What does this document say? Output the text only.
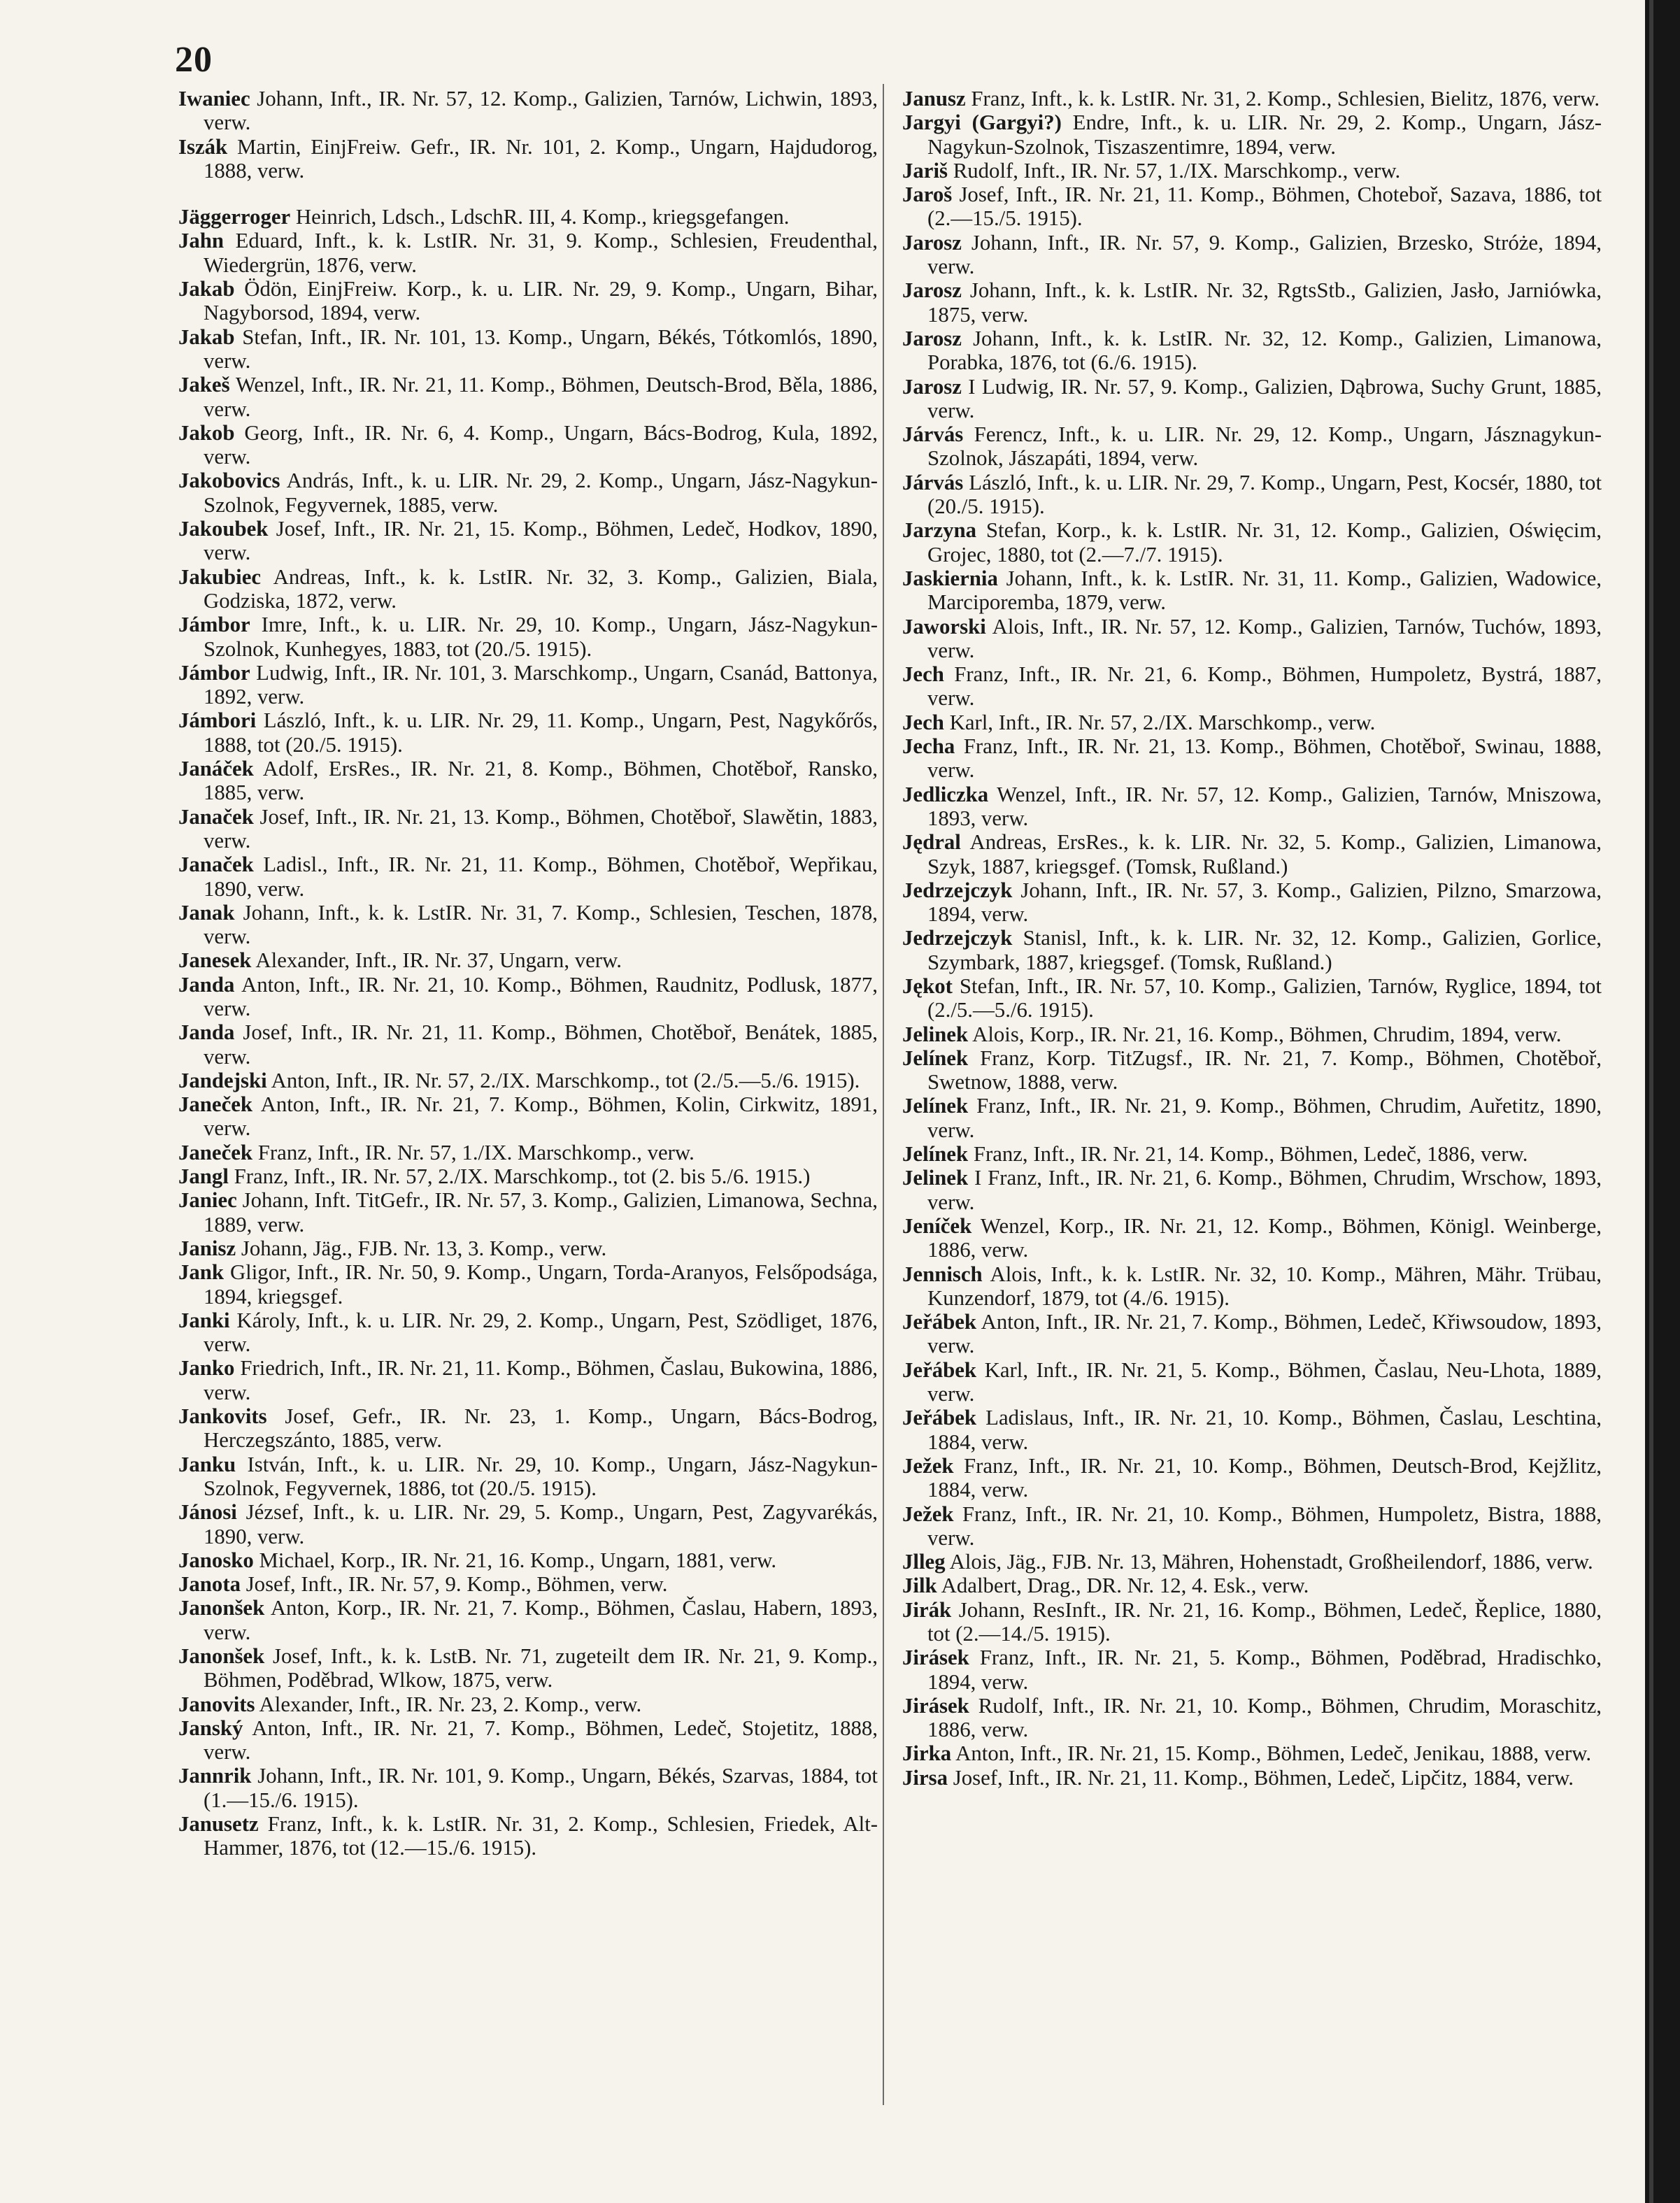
20
Iwaniec Johann, Inft., IR. Nr. 57, 12. Komp., Galizien, Tarnów, Lichwin, 1893, verw.
Iszák Martin, EinjFreiw. Gefr., IR. Nr. 101, 2. Komp., Ungarn, Hajdudorog, 1888, verw.
Jäggerroger Heinrich, Ldsch., LdschR. III, 4. Komp., kriegsgefangen.
Jahn Eduard, Inft., k. k. LstIR. Nr. 31, 9. Komp., Schlesien, Freudenthal, Wiedergrün, 1876, verw.
Jakab Ödön, EinjFreiw. Korp., k. u. LIR. Nr. 29, 9. Komp., Ungarn, Bihar, Nagyborsod, 1894, verw.
Jakab Stefan, Inft., IR. Nr. 101, 13. Komp., Ungarn, Békés, Tótkomlós, 1890, verw.
Jakeš Wenzel, Inft., IR. Nr. 21, 11. Komp., Böhmen, Deutsch-Brod, Běla, 1886, verw.
Jakob Georg, Inft., IR. Nr. 6, 4. Komp., Ungarn, Bács-Bodrog, Kula, 1892, verw.
Jakobovics András, Inft., k. u. LIR. Nr. 29, 2. Komp., Ungarn, Jász-Nagykun-Szolnok, Fegyvernek, 1885, verw.
Jakoubek Josef, Inft., IR. Nr. 21, 15. Komp., Böhmen, Ledeč, Hodkov, 1890, verw.
Jakubiec Andreas, Inft., k. k. LstIR. Nr. 32, 3. Komp., Galizien, Biala, Godziska, 1872, verw.
Jámbor Imre, Inft., k. u. LIR. Nr. 29, 10. Komp., Ungarn, Jász-Nagykun-Szolnok, Kunhegyes, 1883, tot (20./5. 1915).
Jámbor Ludwig, Inft., IR. Nr. 101, 3. Marschkomp., Ungarn, Csanád, Battonya, 1892, verw.
Jámbori László, Inft., k. u. LIR. Nr. 29, 11. Komp., Ungarn, Pest, Nagykőrős, 1888, tot (20./5. 1915).
Janáček Adolf, ErsRes., IR. Nr. 21, 8. Komp., Böhmen, Chotěboř, Ransko, 1885, verw.
Janaček Josef, Inft., IR. Nr. 21, 13. Komp., Böhmen, Chotěboř, Slawětin, 1883, verw.
Janaček Ladisl., Inft., IR. Nr. 21, 11. Komp., Böhmen, Chotěboř, Wepřikau, 1890, verw.
Janak Johann, Inft., k. k. LstIR. Nr. 31, 7. Komp., Schlesien, Teschen, 1878, verw.
Janesek Alexander, Inft., IR. Nr. 37, Ungarn, verw.
Janda Anton, Inft., IR. Nr. 21, 10. Komp., Böhmen, Raudnitz, Podlusk, 1877, verw.
Janda Josef, Inft., IR. Nr. 21, 11. Komp., Böhmen, Chotěboř, Benátek, 1885, verw.
Jandejski Anton, Inft., IR. Nr. 57, 2./IX. Marschkomp., tot (2./5.—5./6. 1915).
Janeček Anton, Inft., IR. Nr. 21, 7. Komp., Böhmen, Kolin, Cirkwitz, 1891, verw.
Janeček Franz, Inft., IR. Nr. 57, 1./IX. Marschkomp., verw.
Jangl Franz, Inft., IR. Nr. 57, 2./IX. Marschkomp., tot (2. bis 5./6. 1915.)
Janiec Johann, Inft. TitGefr., IR. Nr. 57, 3. Komp., Galizien, Limanowa, Sechna, 1889, verw.
Janisz Johann, Jäg., FJB. Nr. 13, 3. Komp., verw.
Jank Gligor, Inft., IR. Nr. 50, 9. Komp., Ungarn, Torda-Aranyos, Felsőpodsága, 1894, kriegsgef.
Janki Károly, Inft., k. u. LIR. Nr. 29, 2. Komp., Ungarn, Pest, Szödliget, 1876, verw.
Janko Friedrich, Inft., IR. Nr. 21, 11. Komp., Böhmen, Časlau, Bukowina, 1886, verw.
Jankovits Josef, Gefr., IR. Nr. 23, 1. Komp., Ungarn, Bács-Bodrog, Herczegszánto, 1885, verw.
Janku István, Inft., k. u. LIR. Nr. 29, 10. Komp., Ungarn, Jász-Nagykun-Szolnok, Fegyvernek, 1886, tot (20./5. 1915).
Jánosi Jézsef, Inft., k. u. LIR. Nr. 29, 5. Komp., Ungarn, Pest, Zagyvarékás, 1890, verw.
Janosko Michael, Korp., IR. Nr. 21, 16. Komp., Ungarn, 1881, verw.
Janota Josef, Inft., IR. Nr. 57, 9. Komp., Böhmen, verw.
Janonšek Anton, Korp., IR. Nr. 21, 7. Komp., Böhmen, Časlau, Habern, 1893, verw.
Janonšek Josef, Inft., k. k. LstB. Nr. 71, zugeteilt dem IR. Nr. 21, 9. Komp., Böhmen, Poděbrad, Wlkow, 1875, verw.
Janovits Alexander, Inft., IR. Nr. 23, 2. Komp., verw.
Janský Anton, Inft., IR. Nr. 21, 7. Komp., Böhmen, Ledeč, Stojetitz, 1888, verw.
Jannrik Johann, Inft., IR. Nr. 101, 9. Komp., Ungarn, Békés, Szarvas, 1884, tot (1.—15./6. 1915).
Janusetz Franz, Inft., k. k. LstIR. Nr. 31, 2. Komp., Schlesien, Friedek, Alt-Hammer, 1876, tot (12.—15./6. 1915).
Janusz Franz, Inft., k. k. LstIR. Nr. 31, 2. Komp., Schlesien, Bielitz, 1876, verw.
Jargyi (Gargyi?) Endre, Inft., k. u. LIR. Nr. 29, 2. Komp., Ungarn, Jász-Nagykun-Szolnok, Tiszaszentimre, 1894, verw.
Jariš Rudolf, Inft., IR. Nr. 57, 1./IX. Marschkomp., verw.
Jaroš Josef, Inft., IR. Nr. 21, 11. Komp., Böhmen, Choteboř, Sazava, 1886, tot (2.—15./5. 1915).
Jarosz Johann, Inft., IR. Nr. 57, 9. Komp., Galizien, Brzesko, Stróże, 1894, verw.
Jarosz Johann, Inft., k. k. LstIR. Nr. 32, RgtsStb., Galizien, Jasło, Jarniówka, 1875, verw.
Jarosz Johann, Inft., k. k. LstIR. Nr. 32, 12. Komp., Galizien, Limanowa, Porabka, 1876, tot (6./6. 1915).
Jarosz I Ludwig, IR. Nr. 57, 9. Komp., Galizien, Dąbrowa, Suchy Grunt, 1885, verw.
Járvás Ferencz, Inft., k. u. LIR. Nr. 29, 12. Komp., Ungarn, Jásznagykun-Szolnok, Jászapáti, 1894, verw.
Járvás László, Inft., k. u. LIR. Nr. 29, 7. Komp., Ungarn, Pest, Kocsér, 1880, tot (20./5. 1915).
Jarzyna Stefan, Korp., k. k. LstIR. Nr. 31, 12. Komp., Galizien, Oświęcim, Grojec, 1880, tot (2.—7./7. 1915).
Jaskiernia Johann, Inft., k. k. LstIR. Nr. 31, 11. Komp., Galizien, Wadowice, Marciporemba, 1879, verw.
Jaworski Alois, Inft., IR. Nr. 57, 12. Komp., Galizien, Tarnów, Tuchów, 1893, verw.
Jech Franz, Inft., IR. Nr. 21, 6. Komp., Böhmen, Humpoletz, Bystrá, 1887, verw.
Jech Karl, Inft., IR. Nr. 57, 2./IX. Marschkomp., verw.
Jecha Franz, Inft., IR. Nr. 21, 13. Komp., Böhmen, Chotěboř, Swinau, 1888, verw.
Jedliczka Wenzel, Inft., IR. Nr. 57, 12. Komp., Galizien, Tarnów, Mniszowa, 1893, verw.
Jędral Andreas, ErsRes., k. k. LIR. Nr. 32, 5. Komp., Galizien, Limanowa, Szyk, 1887, kriegsgef. (Tomsk, Rußland.)
Jedrzejczyk Johann, Inft., IR. Nr. 57, 3. Komp., Galizien, Pilzno, Smarzowa, 1894, verw.
Jedrzejczyk Stanisl, Inft., k. k. LIR. Nr. 32, 12. Komp., Galizien, Gorlice, Szymbark, 1887, kriegsgef. (Tomsk, Rußland.)
Jękot Stefan, Inft., IR. Nr. 57, 10. Komp., Galizien, Tarnów, Ryglice, 1894, tot (2./5.—5./6. 1915).
Jelinek Alois, Korp., IR. Nr. 21, 16. Komp., Böhmen, Chrudim, 1894, verw.
Jelínek Franz, Korp. TitZugsf., IR. Nr. 21, 7. Komp., Böhmen, Chotěboř, Swetnow, 1888, verw.
Jelínek Franz, Inft., IR. Nr. 21, 9. Komp., Böhmen, Chrudim, Auřetitz, 1890, verw.
Jelínek Franz, Inft., IR. Nr. 21, 14. Komp., Böhmen, Ledeč, 1886, verw.
Jelinek I Franz, Inft., IR. Nr. 21, 6. Komp., Böhmen, Chrudim, Wrschow, 1893, verw.
Jeníček Wenzel, Korp., IR. Nr. 21, 12. Komp., Böhmen, Königl. Weinberge, 1886, verw.
Jennisch Alois, Inft., k. k. LstIR. Nr. 32, 10. Komp., Mähren, Mähr. Trübau, Kunzendorf, 1879, tot (4./6. 1915).
Jeřábek Anton, Inft., IR. Nr. 21, 7. Komp., Böhmen, Ledeč, Křiwsoudow, 1893, verw.
Jeřábek Karl, Inft., IR. Nr. 21, 5. Komp., Böhmen, Časlau, Neu-Lhota, 1889, verw.
Jeřábek Ladislaus, Inft., IR. Nr. 21, 10. Komp., Böhmen, Časlau, Leschtina, 1884, verw.
Ježek Franz, Inft., IR. Nr. 21, 10. Komp., Böhmen, Deutsch-Brod, Kejžlitz, 1884, verw.
Ježek Franz, Inft., IR. Nr. 21, 10. Komp., Böhmen, Humpoletz, Bistra, 1888, verw.
Jlleg Alois, Jäg., FJB. Nr. 13, Mähren, Hohenstadt, Großheilendorf, 1886, verw.
Jilk Adalbert, Drag., DR. Nr. 12, 4. Esk., verw.
Jirák Johann, ResInft., IR. Nr. 21, 16. Komp., Böhmen, Ledeč, Řeplice, 1880, tot (2.—14./5. 1915).
Jirásek Franz, Inft., IR. Nr. 21, 5. Komp., Böhmen, Poděbrad, Hradischko, 1894, verw.
Jirásek Rudolf, Inft., IR. Nr. 21, 10. Komp., Böhmen, Chrudim, Moraschitz, 1886, verw.
Jirka Anton, Inft., IR. Nr. 21, 15. Komp., Böhmen, Ledeč, Jenikau, 1888, verw.
Jirsa Josef, Inft., IR. Nr. 21, 11. Komp., Böhmen, Ledeč, Lipčitz, 1884, verw.
